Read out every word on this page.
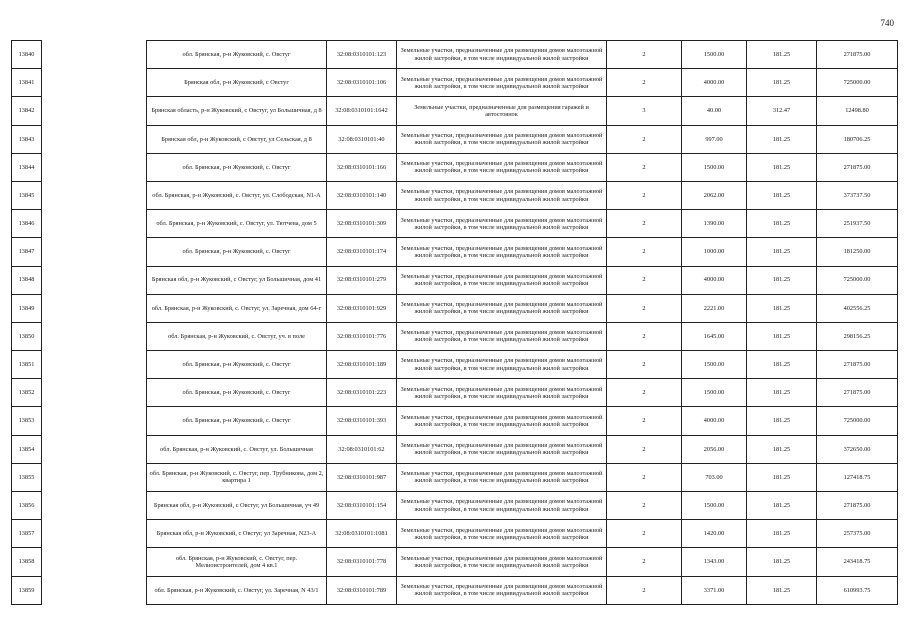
740
13840		обл. Брянская, р-н Жуковский, с. Овстуг	32:08:0310101:123	Земельные участки, предназначенные для размещения домов малоэтажной жилой застройки, в том числе индивидуальной жилой застройки	2	1500.00	181.25	271875.00
13841		Брянская обл, р-н Жуковский, с Овстуг	32:08:0310101:106	Земельные участки, предназначенные для размещения домов малоэтажной жилой застройки, в том числе индивидуальной жилой застройки	2	4000.00	181.25	725000.00
13842		Брянская область, р-н Жуковский, с Овстуг, ул Большичная, д 8	32:08:0310101:1642	Земельные участки, предназначенные для размещения гаражей и автостоянок	3	40.00	312.47	12498.80
13843		Брянская обл, р-н Жуковский, с Овстуг, ул Сельская, д 8	32:08:0310101:40	Земельные участки, предназначенные для размещения домов малоэтажной жилой застройки, в том числе индивидуальной жилой застройки	2	997.00	181.25	180706.25
13844		обл. Брянская, р-н Жуковский, с. Овстуг	32:08:0310101:166	Земельные участки, предназначенные для размещения домов малоэтажной жилой застройки, в том числе индивидуальной жилой застройки	2	1500.00	181.25	271875.00
13845		обл. Брянская, р-н Жуковский, с. Овстуг, ул. Слободская, N1-А	32:08:0310101:140	Земельные участки, предназначенные для размещения домов малоэтажной жилой застройки, в том числе индивидуальной жилой застройки	2	2062.00	181.25	373737.50
13846		обл. Брянская, р-н Жуковский, с. Овстуг, ул. Тютчева, дом 5	32:08:0310101:309	Земельные участки, предназначенные для размещения домов малоэтажной жилой застройки, в том числе индивидуальной жилой застройки	2	1390.00	181.25	251937.50
13847		обл. Брянская, р-н Жуковский, с. Овстуг	32:08:0310101:174	Земельные участки, предназначенные для размещения домов малоэтажной жилой застройки, в том числе индивидуальной жилой застройки	2	1000.00	181.25	181250.00
13848		Брянская обл, р-н Жуковский, с Овстуг, ул Большичная, дом 41	32:08:0310101:279	Земельные участки, предназначенные для размещения домов малоэтажной жилой застройки, в том числе индивидуальной жилой застройки	2	4000.00	181.25	725000.00
13849		обл. Брянская, р-н Жуковский, с. Овстуг, ул. Заречная, дом 64-г	32:08:0310101:929	Земельные участки, предназначенные для размещения домов малоэтажной жилой застройки, в том числе индивидуальной жилой застройки	2	2221.00	181.25	402556.25
13850		обл. Брянская, р-н Жуковский, с. Овстуг, уч. в поле	32:08:0310101:776	Земельные участки, предназначенные для размещения домов малоэтажной жилой застройки, в том числе индивидуальной жилой застройки	2	1645.00	181.25	298156.25
13851		обл. Брянская, р-н Жуковский, с. Овстуг	32:08:0310101:189	Земельные участки, предназначенные для размещения домов малоэтажной жилой застройки, в том числе индивидуальной жилой застройки	2	1500.00	181.25	271875.00
13852		обл. Брянская, р-н Жуковский, с. Овстуг	32:08:0310101:223	Земельные участки, предназначенные для размещения домов малоэтажной жилой застройки, в том числе индивидуальной жилой застройки	2	1500.00	181.25	271875.00
13853		обл. Брянская, р-н Жуковский, с. Овстуг	32:08:0310101:393	Земельные участки, предназначенные для размещения домов малоэтажной жилой застройки, в том числе индивидуальной жилой застройки	2	4000.00	181.25	725000.00
13854		обл. Брянская, р-н Жуковский, с. Овстуг, ул. Большичная	32:08:0310101:62	Земельные участки, предназначенные для размещения домов малоэтажной жилой застройки, в том числе индивидуальной жилой застройки	2	2056.00	181.25	372650.00
13855		обл. Брянская, р-н Жуковский, с. Овстуг, пер. Трубникова, дом 2, квартира 1	32:08:0310101:987	Земельные участки, предназначенные для размещения домов малоэтажной жилой застройки, в том числе индивидуальной жилой застройки	2	703.00	181.25	127418.75
13856		Брянская обл, р-н Жуковский, с Овстуг, ул Большичная, уч 49	32:08:0310101:154	Земельные участки, предназначенные для размещения домов малоэтажной жилой застройки, в том числе индивидуальной жилой застройки	2	1500.00	181.25	271875.00
13857		Брянская обл, р-н Жуковский, с Овстуг, ул Заречная, N23-А	32:08:0310101:1081	Земельные участки, предназначенные для размещения домов малоэтажной жилой застройки, в том числе индивидуальной жилой застройки	2	1420.00	181.25	257375.00
13858		обл. Брянская, р-н Жуковский, с. Овстуг, пер. Мелиоистроителей, дом 4 кв.1	32:08:0310101:778	Земельные участки, предназначенные для размещения домов малоэтажной жилой застройки, в том числе индивидуальной жилой застройки	2	1343.00	181.25	243418.75
13859		обл. Брянская, р-н Жуковский, с. Овстуг, ул. Заречная, N 43/1	32:08:0310101:789	Земельные участки, предназначенные для размещения домов малоэтажной жилой застройки, в том числе индивидуальной жилой застройки	2	3371.00	181.25	610993.75
